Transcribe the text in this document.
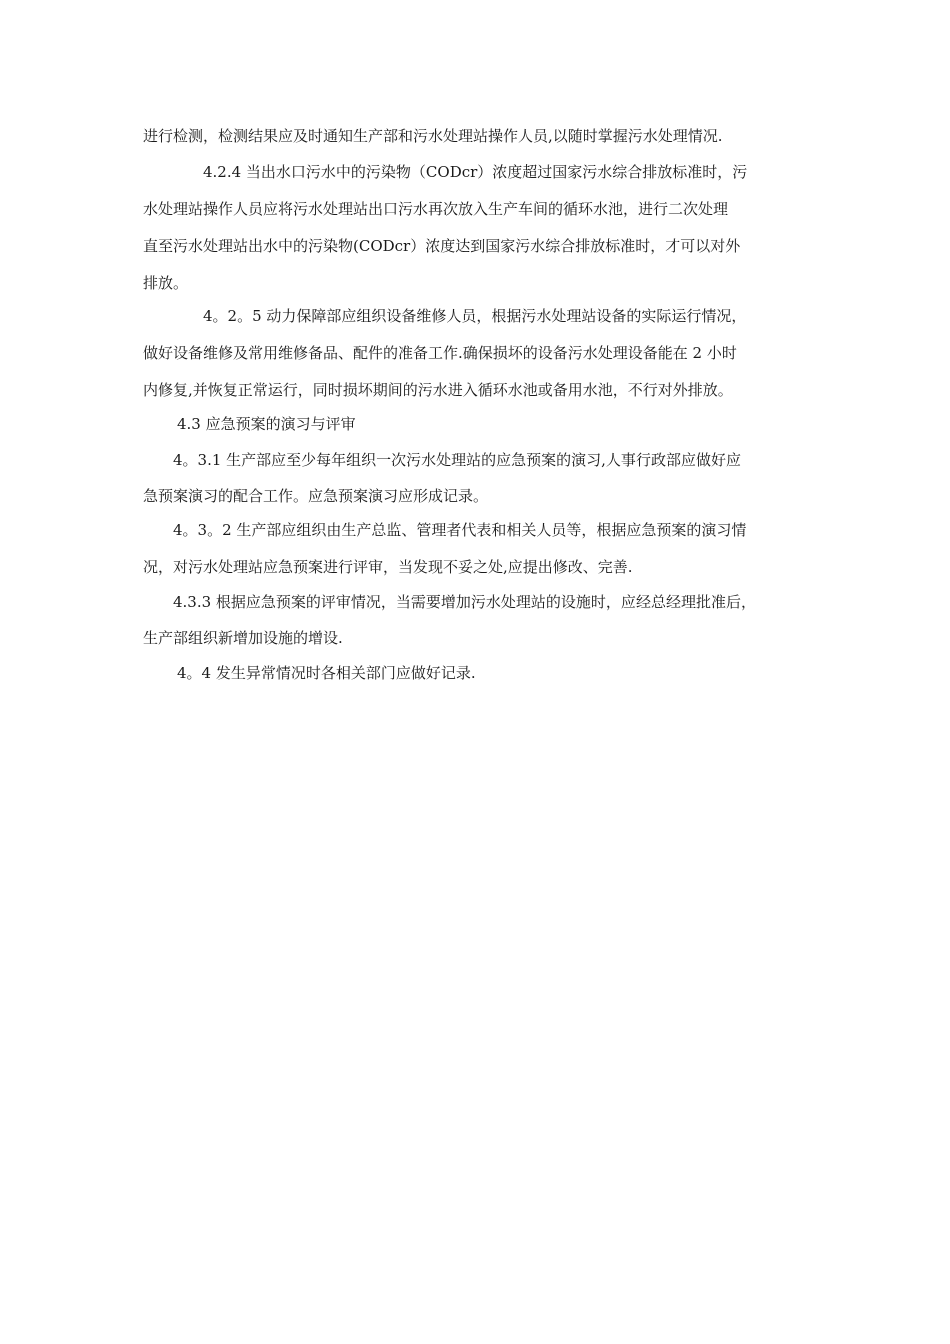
进行检测，检测结果应及时通知生产部和污水处理站操作人员,以随时掌握污水处理情况.
4.2.4 当出水口污水中的污染物（CODcr）浓度超过国家污水综合排放标准时，污
水处理站操作人员应将污水处理站出口污水再次放入生产车间的循环水池，进行二次处理
直至污水处理站出水中的污染物(CODcr）浓度达到国家污水综合排放标准时，才可以对外
排放。
4。2。5 动力保障部应组织设备维修人员，根据污水处理站设备的实际运行情况，
做好设备维修及常用维修备品、配件的准备工作.确保损坏的设备污水处理设备能在 2 小时
内修复,并恢复正常运行，同时损坏期间的污水进入循环水池或备用水池，不行对外排放。
4.3 应急预案的演习与评审
4。3.1 生产部应至少每年组织一次污水处理站的应急预案的演习,人事行政部应做好应
急预案演习的配合工作。应急预案演习应形成记录。
4。3。2 生产部应组织由生产总监、管理者代表和相关人员等，根据应急预案的演习情
况，对污水处理站应急预案进行评审，当发现不妥之处,应提出修改、完善.
4.3.3 根据应急预案的评审情况，当需要增加污水处理站的设施时，应经总经理批准后，
生产部组织新增加设施的增设.
4。4 发生异常情况时各相关部门应做好记录.
